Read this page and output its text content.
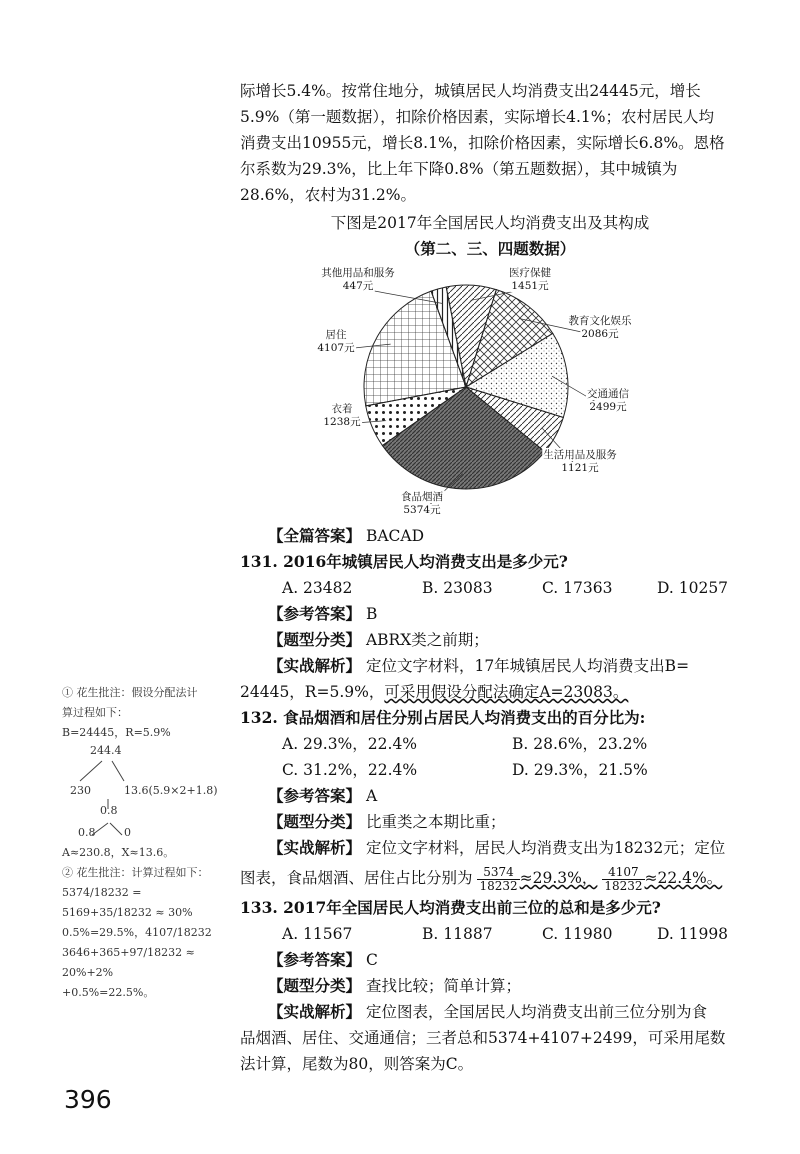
际增长5.4%。按常住地分，城镇居民人均消费支出24445元，增长

5.9%（第一题数据），扣除价格因素，实际增长4.1%；农村居民人均

消费支出10955元，增长8.1%，扣除价格因素，实际增长6.8%。恩格

尔系数为29.3%，比上年下降0.8%（第五题数据），其中城镇为

28.6%，农村为31.2%。

下图是2017年全国居民人均消费支出及其构成
（第二、三、四题数据）
其他用品和服务
447元
医疗保健
1451元
教育文化娱乐
2086元
交通通信
2499元
生活用品及服务
1121元
食品烟酒
5374元
衣着
1238元
居住
4107元
【全篇答案】 BACAD

131. 2016年城镇居民人均消费支出是多少元?

A. 23482	B. 23083	C. 17363	D. 10257

【参考答案】 B

【题型分类】 ABRX类之前期；

【实战解析】 定位文字材料，17年城镇居民人均消费支出B=

24445，R=5.9%，可采用假设分配法确定A=23083。

132. 食品烟酒和居住分别占居民人均消费支出的百分比为:

A. 29.3%，22.4%	B. 28.6%，23.2%
C. 31.2%，22.4%	D. 29.3%，21.5%

【参考答案】 A

【题型分类】 比重类之本期比重；

【实战解析】 定位文字材料，居民人均消费支出为18232元；定位

图表，食品烟酒、居住占比分别为 $\frac{5374}{18232} \approx 29.3\%$， $\frac{4107}{18232} \approx 22.4\%$。

133. 2017年全国居民人均消费支出前三位的总和是多少元?

A. 11567	B. 11887	C. 11980	D. 11998

【参考答案】 C

【题型分类】 查找比较；简单计算；

【实战解析】 定位图表，全国居民人均消费支出前三位分别为食

品烟酒、居住、交通通信；三者总和5374+4107+2499，可采用尾数

法计算，尾数为80，则答案为C。

① 花生批注：假设分配法计

算过程如下：

B=24445，R=5.9%

244.4
230	13.6(5.9×2+1.8)
0.8
0.8	0

A≈230.8，X≈13.6。

② 花生批注：计算过程如下：

5374/18232 = 5169+35/18232 ≈ 30%

0.5%=29.5%，4107/18232

3646+365+97/18232 ≈ 20%+2%

+0.5%=22.5%。

396
